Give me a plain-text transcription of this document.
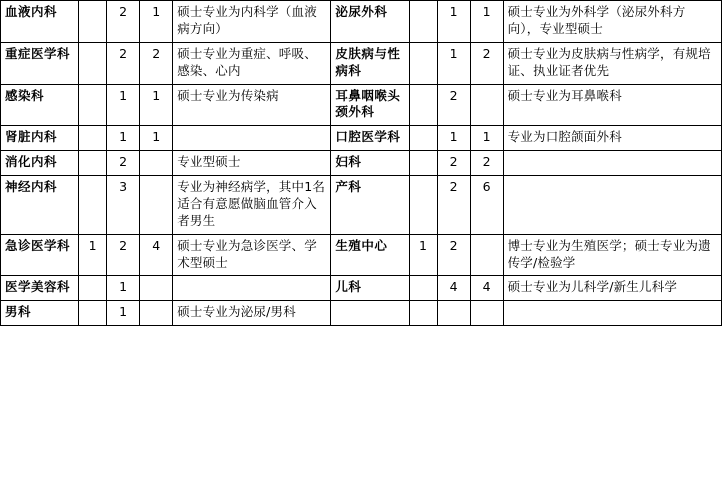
血液内科		2	1	硕士专业为内科学（血液病方向）	泌尿外科		1	1	硕士专业为外科学（泌尿外科方向），专业型硕士
重症医学科		2	2	硕士专业为重症、呼吸、感染、心内	皮肤病与性病科		1	2	硕士专业为皮肤病与性病学，有规培证、执业证者优先
感染科		1	1	硕士专业为传染病	耳鼻咽喉头颈外科		2		硕士专业为耳鼻喉科
肾脏内科		1	1		口腔医学科		1	1	专业为口腔颌面外科
消化内科		2		专业型硕士	妇科		2	2	
神经内科		3		专业为神经病学，其中1名适合有意愿做脑血管介入者男生	产科		2	6	
急诊医学科	1	2	4	硕士专业为急诊医学、学术型硕士	生殖中心	1	2		博士专业为生殖医学；硕士专业为遗传学/检验学
医学美容科		1			儿科		4	4	硕士专业为儿科学/新生儿科学
男科		1		硕士专业为泌尿/男科					
